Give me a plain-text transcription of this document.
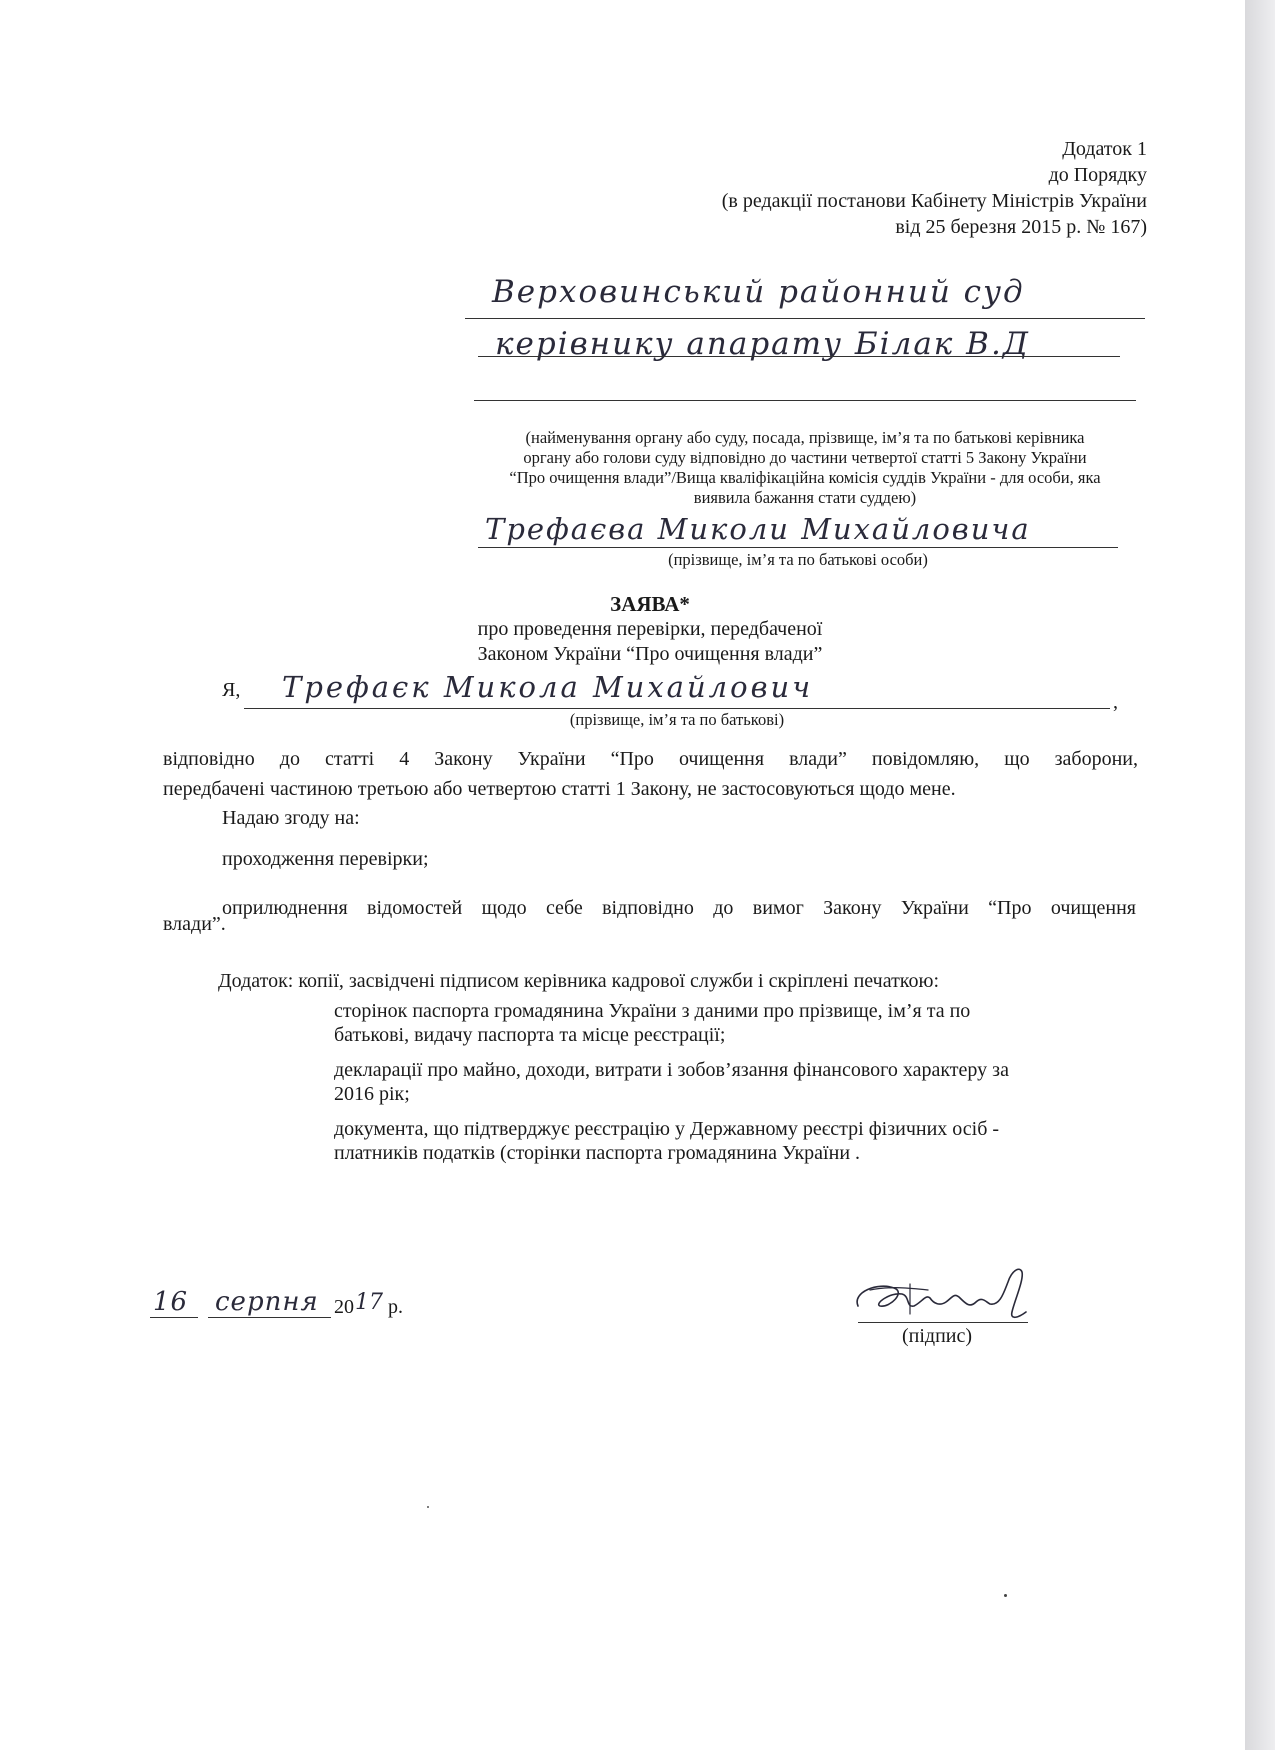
Додаток 1
до Порядку
(в редакції постанови Кабінету Міністрів України
від 25 березня 2015 р. № 167)
Верховинський районний суд
керівнику апарату Білак В.Д
(найменування органу або суду, посада, прізвище, ім’я та по батькові керівника
органу або голови суду відповідно до частини четвертої статті 5 Закону України
“Про очищення влади”/Вища кваліфікаційна комісія суддів України - для особи, яка
виявила бажання стати суддею)
Трефаєва Миколи Михайловича
(прізвище, ім’я та по батькові особи)
ЗАЯВА*
про проведення перевірки, передбаченої
Законом України “Про очищення влади”
Я, Трефаєк Микола Михайлович	,
(прізвище, ім’я та по батькові)
відповідно до статті 4 Закону України “Про очищення влади” повідомляю, що заборони,
передбачені частиною третьою або четвертою статті 1 Закону, не застосовуються щодо мене.
Надаю згоду на:
проходження перевірки;
оприлюднення відомостей щодо себе відповідно до вимог Закону України “Про очищення
влади”.
Додаток: копії, засвідчені підписом керівника кадрової служби і скріплені печаткою:
сторінок паспорта громадянина України з даними про прізвище, ім’я та по
батькові, видачу паспорта та місце реєстрації;
декларації про майно, доходи, витрати і зобов’язання фінансового характеру за
2016 рік;
документа, що підтверджує реєстрацію у Державному реєстрі фізичних осіб -
платників податків (сторінки паспорта громадянина України .
16 серпня 20 17 р.
(підпис)
